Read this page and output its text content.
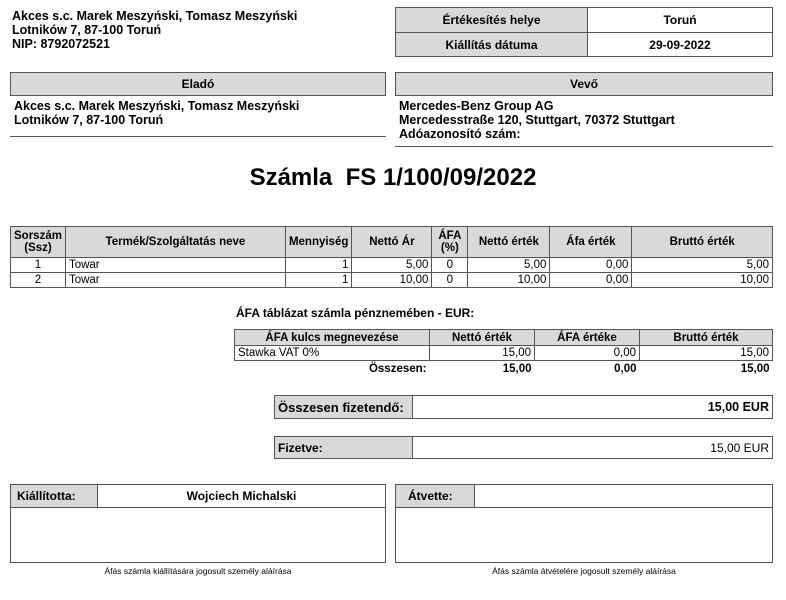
Akces s.c. Marek Meszyński, Tomasz Meszyński
Lotników 7, 87-100 Toruń
NIP: 8792072521
Értékesítés helye	Toruń
Kiállítás dátuma	29-09-2022
Eladó
Akces s.c. Marek Meszyński, Tomasz Meszyński
Lotników 7, 87-100 Toruń
Vevő
Mercedes-Benz Group AG
Mercedesstraße 120, Stuttgart, 70372 Stuttgart
Adóazonosító szám:
Számla  FS 1/100/09/2022
Sorszám (Ssz)	Termék/Szolgáltatás neve	Mennyiség	Nettó Ár	ÁFA (%)	Nettó érték	Áfa érték	Bruttó érték
1	Towar	1	5,00	0	5,00	0,00	5,00
2	Towar	1	10,00	0	10,00	0,00	10,00
ÁFA táblázat számla pénznemében - EUR:
ÁFA kulcs megnevezése	Nettó érték	ÁFA értéke	Bruttó érték
Stawka VAT 0%	15,00	0,00	15,00
Összesen:	15,00	0,00	15,00
Összesen fizetendő:	15,00 EUR
Fizetve:	15,00 EUR
Kiállította:	Wojciech Michalski
Áfás számla kiállítására jogosult személy aláírása
Átvette:
Áfás számla átvételére jogosult személy aláírása
